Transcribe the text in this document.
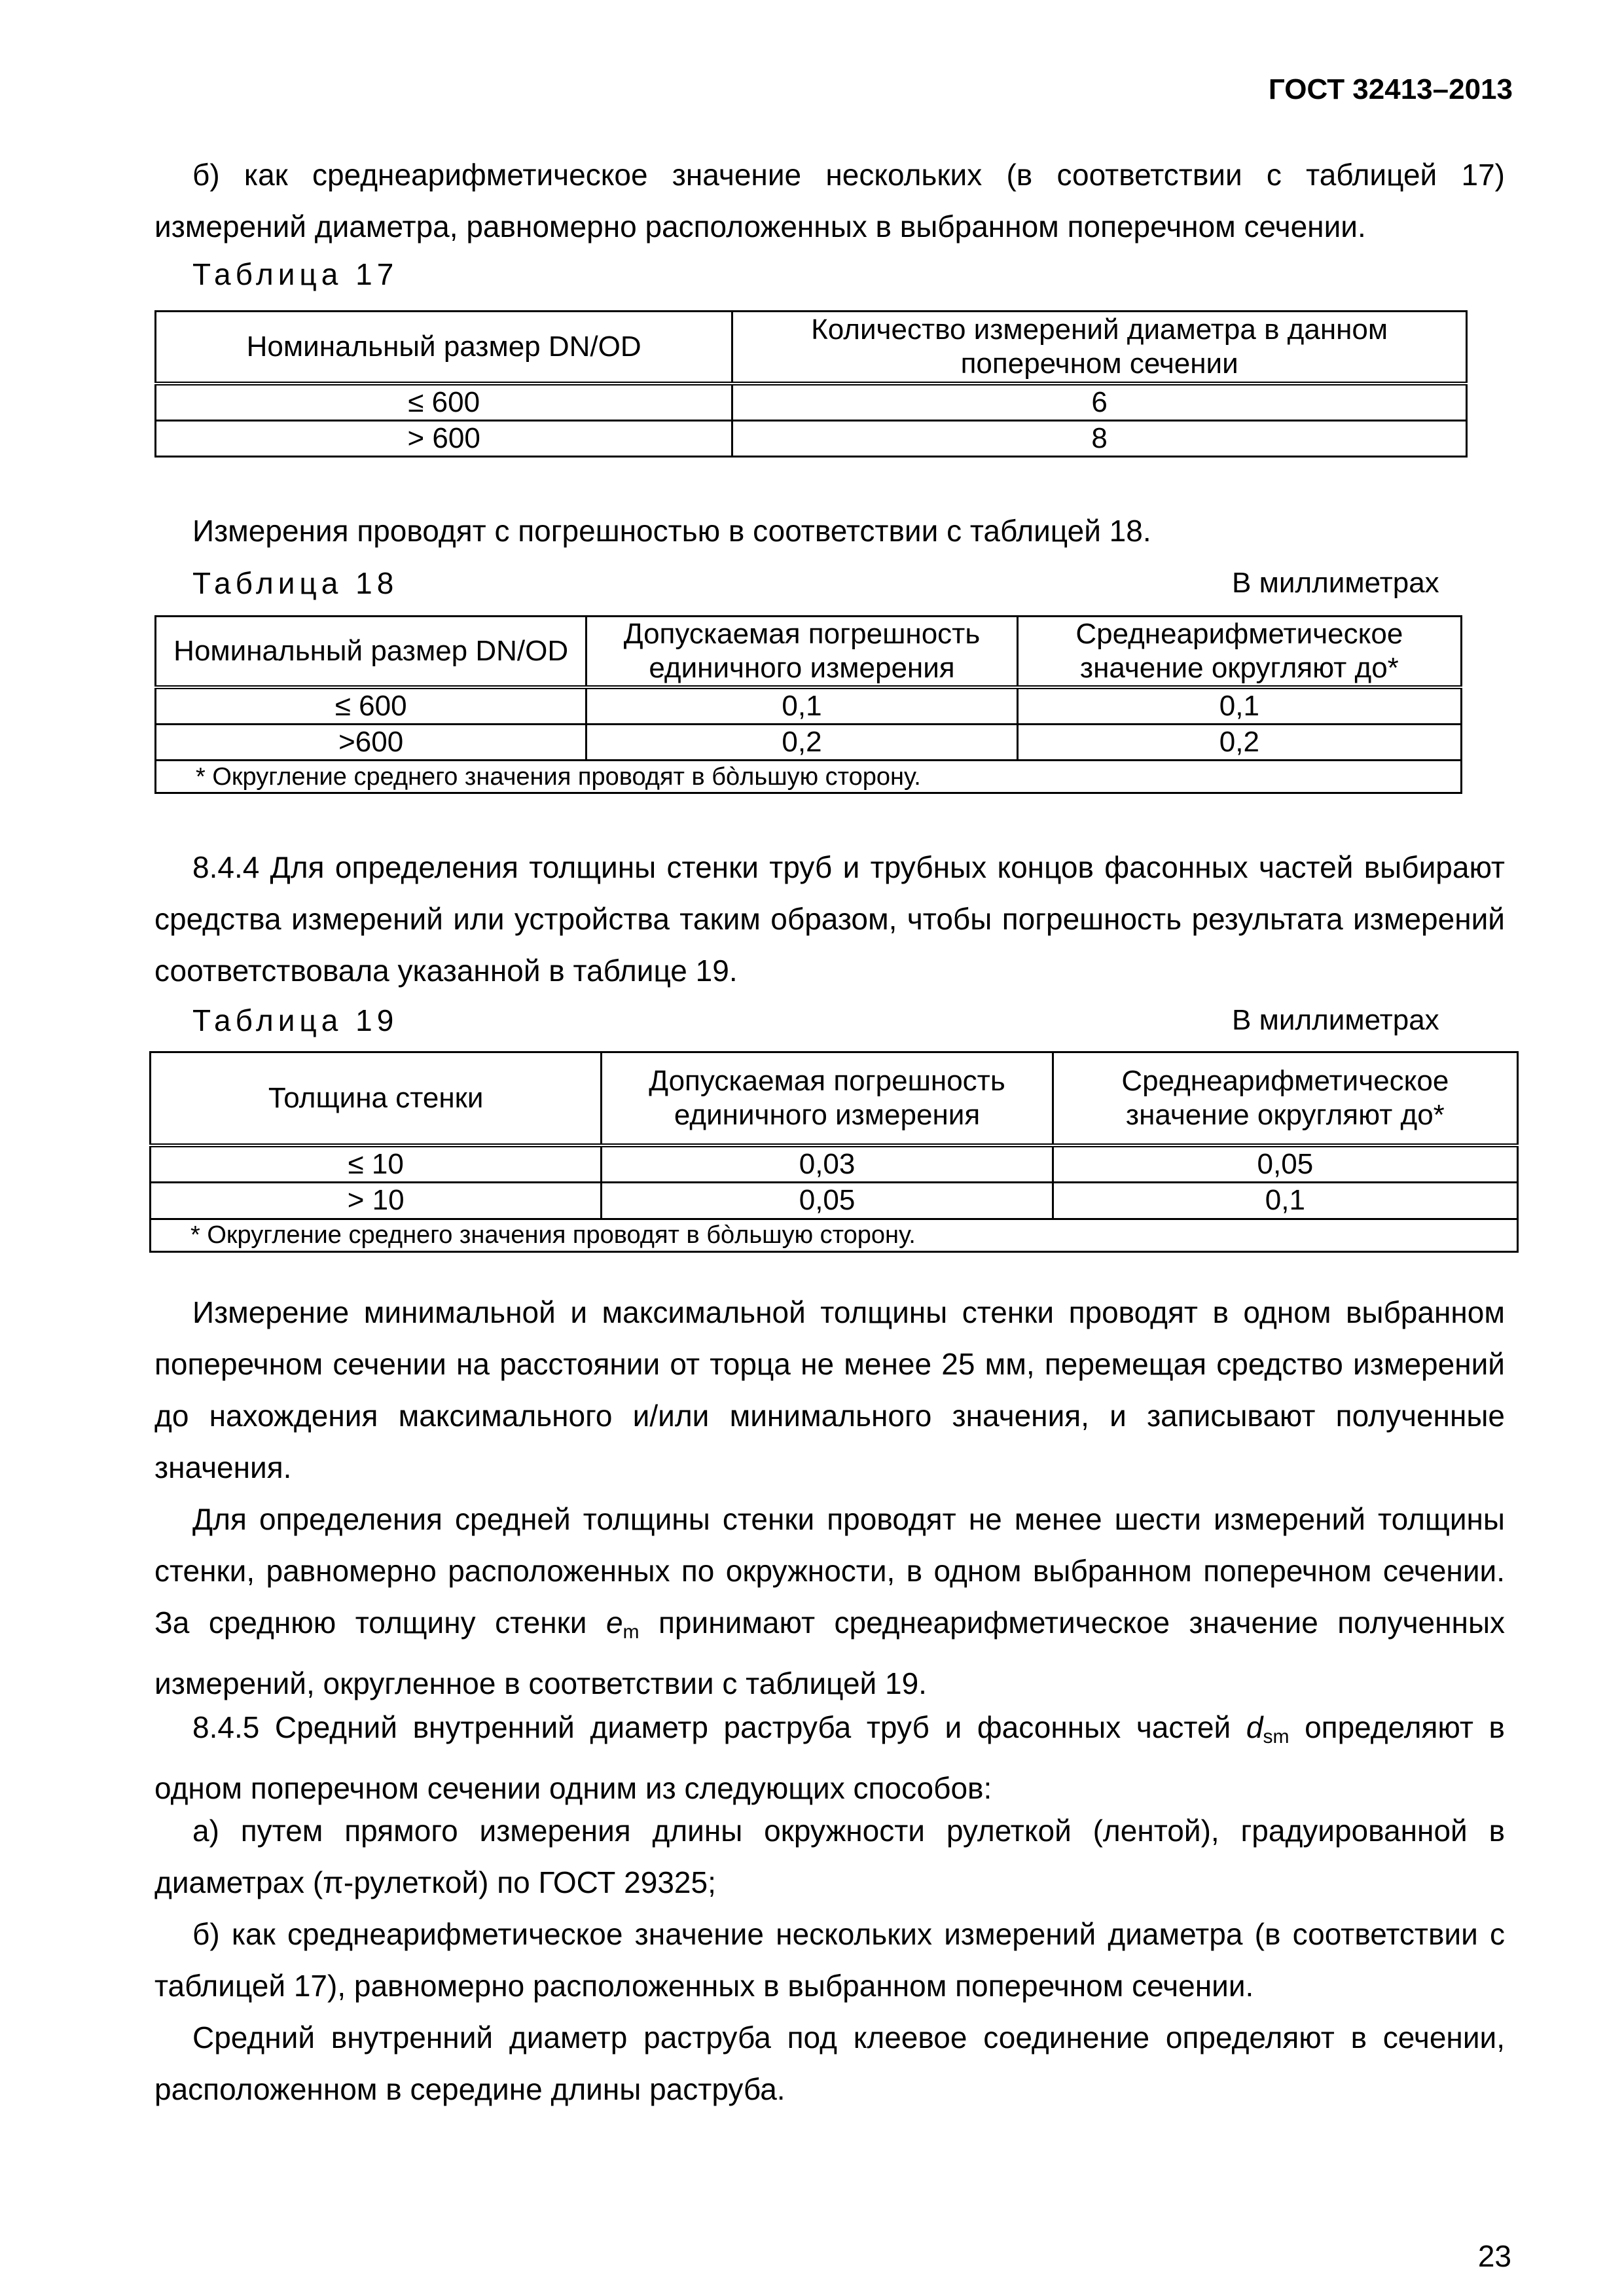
ГОСТ 32413–2013

б) как среднеарифметическое значение нескольких (в соответствии с таблицей 17) измерений диаметра, равномерно расположенных в выбранном поперечном сечении.

Таблица 17
Номинальный размер DN/OD	Количество измерений диаметра в данном поперечном сечении
≤ 600	6
> 600	8

Измерения проводят с погрешностью в соответствии с таблицей 18.

Таблица 18	В миллиметрах
Номинальный размер DN/OD	Допускаемая погрешность единичного измерения	Среднеарифметическое значение округляют до*
≤ 600	0,1	0,1
>600	0,2	0,2
* Округление среднего значения проводят в бòльшую сторону.		

8.4.4 Для определения толщины стенки труб и трубных концов фасонных частей выбирают средства измерений или устройства таким образом, чтобы погрешность результата измерений соответствовала указанной в таблице 19.

Таблица 19	В миллиметрах
Толщина стенки	Допускаемая погрешность единичного измерения	Среднеарифметическое значение округляют до*
≤ 10	0,03	0,05
> 10	0,05	0,1
* Округление среднего значения проводят в бòльшую сторону.		

Измерение минимальной и максимальной толщины стенки проводят в одном выбранном поперечном сечении на расстоянии от торца не менее 25 мм, перемещая средство измерений до нахождения максимального и/или минимального значения, и записывают полученные значения.

Для определения средней толщины стенки проводят не менее шести измерений толщины стенки, равномерно расположенных по окружности, в одном выбранном поперечном сечении. За среднюю толщину стенки $e_m$ принимают среднеарифметическое значение полученных измерений, округленное в соответствии с таблицей 19.

8.4.5 Средний внутренний диаметр раструба труб и фасонных частей $d_{sm}$ определяют в одном поперечном сечении одним из следующих способов:

а) путем прямого измерения длины окружности рулеткой (лентой), градуированной в диаметрах (π-рулеткой) по ГОСТ 29325;

б) как среднеарифметическое значение нескольких измерений диаметра (в соответствии с таблицей 17), равномерно расположенных в выбранном поперечном сечении.

Средний внутренний диаметр раструба под клеевое соединение определяют в сечении, расположенном в середине длины раструба.

23
